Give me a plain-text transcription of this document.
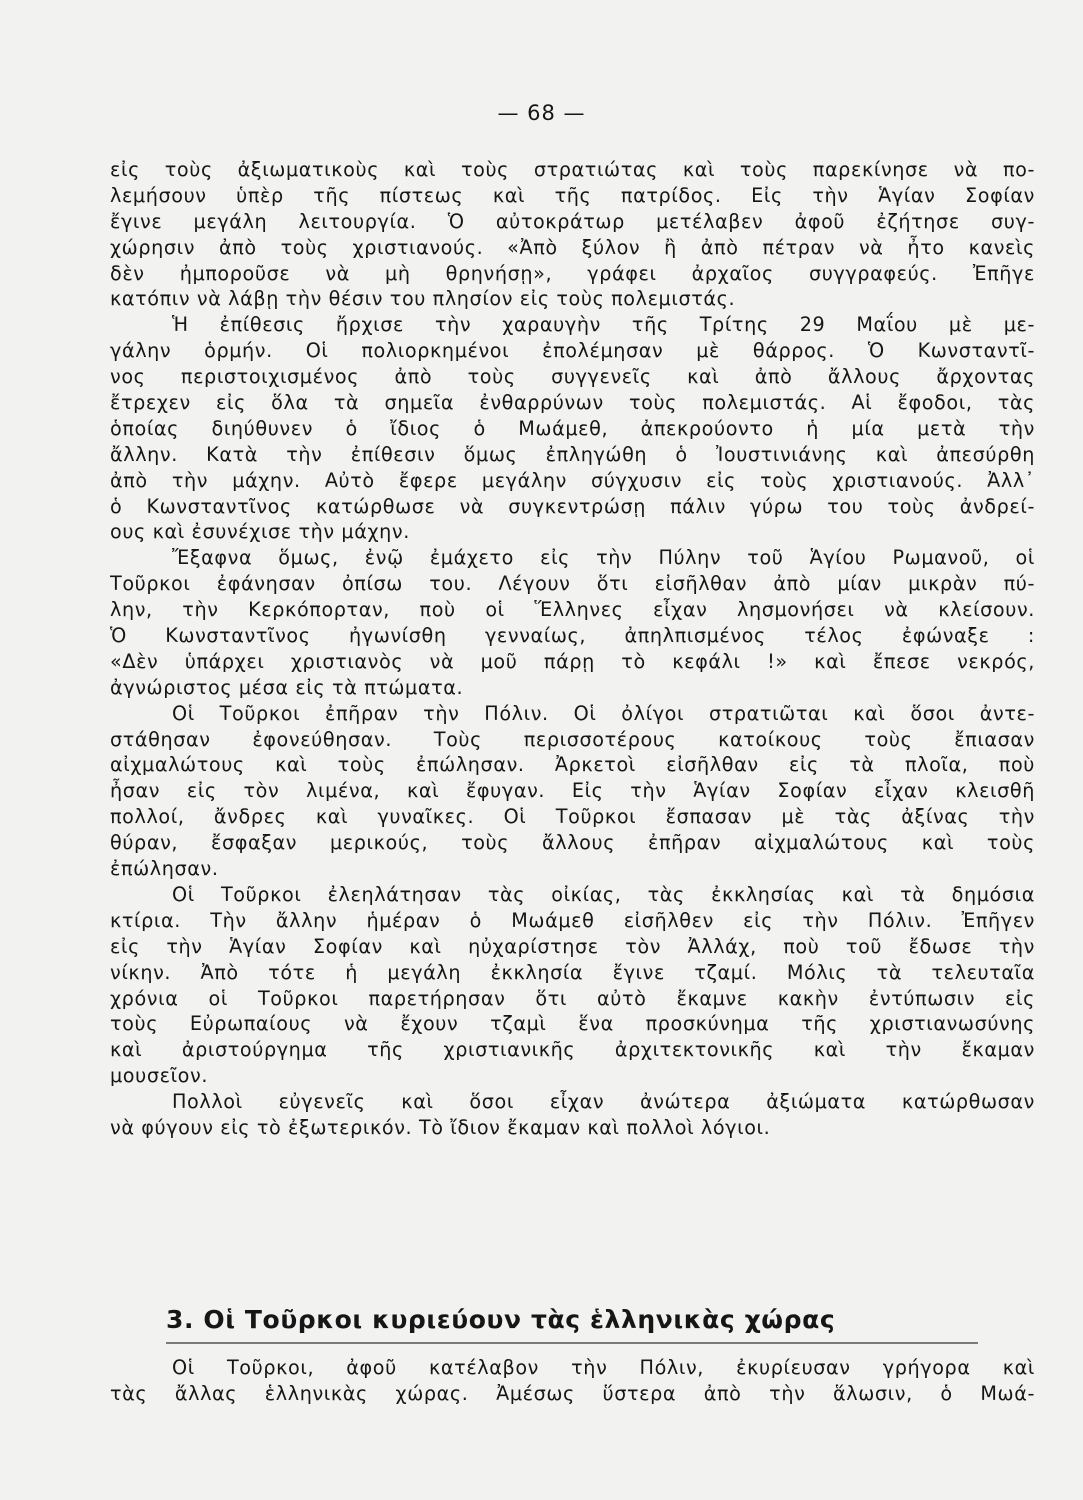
— 68 —
εἰς τοὺς ἀξιωματικοὺς καὶ τοὺς στρατιώτας καὶ τοὺς παρεκίνησε νὰ πο-
λεμήσουν ὑπὲρ τῆς πίστεως καὶ τῆς πατρίδος. Εἰς τὴν Ἁγίαν Σοφίαν
ἔγινε μεγάλη λειτουργία. Ὁ αὐτοκράτωρ μετέλαβεν ἀφοῦ ἐζήτησε συγ-
χώρησιν ἀπὸ τοὺς χριστιανούς. «Ἀπὸ ξύλον ἢ ἀπὸ πέτραν νὰ ἦτο κανεὶς
δὲν ἠμποροῦσε νὰ μὴ θρηνήσῃ», γράφει ἀρχαῖος συγγραφεύς. Ἐπῆγε
κατόπιν νὰ λάβῃ τὴν θέσιν του πλησίον εἰς τοὺς πολεμιστάς.
Ἡ ἐπίθεσις ἤρχισε τὴν χαραυγὴν τῆς Τρίτης 29 Μαΐου μὲ με-
γάλην ὁρμήν. Οἱ πολιορκημένοι ἐπολέμησαν μὲ θάρρος. Ὁ Κωνσταντῖ-
νος περιστοιχισμένος ἀπὸ τοὺς συγγενεῖς καὶ ἀπὸ ἄλλους ἄρχοντας
ἔτρεχεν εἰς ὅλα τὰ σημεῖα ἐνθαρρύνων τοὺς πολεμιστάς. Αἱ ἔφοδοι, τὰς
ὁποίας διηύθυνεν ὁ ἴδιος ὁ Μωάμεθ, ἀπεκρούοντο ἡ μία μετὰ τὴν
ἄλλην. Κατὰ τὴν ἐπίθεσιν ὅμως ἐπληγώθη ὁ Ἰουστινιάνης καὶ ἀπεσύρθη
ἀπὸ τὴν μάχην. Αὐτὸ ἔφερε μεγάλην σύγχυσιν εἰς τοὺς χριστιανούς. Ἀλλ᾿
ὁ Κωνσταντῖνος κατώρθωσε νὰ συγκεντρώσῃ πάλιν γύρω του τοὺς ἀνδρεί-
ους καὶ ἐσυνέχισε τὴν μάχην.
Ἔξαφνα ὅμως, ἐνῷ ἐμάχετο εἰς τὴν Πύλην τοῦ Ἁγίου Ρωμανοῦ, οἱ
Τοῦρκοι ἐφάνησαν ὀπίσω του. Λέγουν ὅτι εἰσῆλθαν ἀπὸ μίαν μικρὰν πύ-
λην, τὴν Κερκόπορταν, ποὺ οἱ Ἕλληνες εἶχαν λησμονήσει νὰ κλείσουν.
Ὁ Κωνσταντῖνος ἠγωνίσθη γενναίως, ἀπηλπισμένος τέλος ἐφώναξε :
«Δὲν ὑπάρχει χριστιανὸς νὰ μοῦ πάρῃ τὸ κεφάλι !» καὶ ἔπεσε νεκρός,
ἀγνώριστος μέσα εἰς τὰ πτώματα.
Οἱ Τοῦρκοι ἐπῆραν τὴν Πόλιν. Οἱ ὀλίγοι στρατιῶται καὶ ὅσοι ἀντε-
στάθησαν ἐφονεύθησαν. Τοὺς περισσοτέρους κατοίκους τοὺς ἔπιασαν
αἰχμαλώτους καὶ τοὺς ἐπώλησαν. Ἀρκετοὶ εἰσῆλθαν εἰς τὰ πλοῖα, ποὺ
ἦσαν εἰς τὸν λιμένα, καὶ ἔφυγαν. Εἰς τὴν Ἁγίαν Σοφίαν εἶχαν κλεισθῆ
πολλοί, ἄνδρες καὶ γυναῖκες. Οἱ Τοῦρκοι ἔσπασαν μὲ τὰς ἀξίνας τὴν
θύραν, ἔσφαξαν μερικούς, τοὺς ἄλλους ἐπῆραν αἰχμαλώτους καὶ τοὺς
ἐπώλησαν.
Οἱ Τοῦρκοι ἐλεηλάτησαν τὰς οἰκίας, τὰς ἐκκλησίας καὶ τὰ δημόσια
κτίρια. Τὴν ἄλλην ἡμέραν ὁ Μωάμεθ εἰσῆλθεν εἰς τὴν Πόλιν. Ἐπῆγεν
εἰς τὴν Ἁγίαν Σοφίαν καὶ ηὐχαρίστησε τὸν Ἀλλάχ, ποὺ τοῦ ἔδωσε τὴν
νίκην. Ἀπὸ τότε ἡ μεγάλη ἐκκλησία ἔγινε τζαμί. Μόλις τὰ τελευταῖα
χρόνια οἱ Τοῦρκοι παρετήρησαν ὅτι αὐτὸ ἔκαμνε κακὴν ἐντύπωσιν εἰς
τοὺς Εὐρωπαίους νὰ ἔχουν τζαμὶ ἕνα προσκύνημα τῆς χριστιανωσύνης
καὶ ἀριστούργημα τῆς χριστιανικῆς ἀρχιτεκτονικῆς καὶ τὴν ἔκαμαν
μουσεῖον.
Πολλοὶ εὐγενεῖς καὶ ὅσοι εἶχαν ἀνώτερα ἀξιώματα κατώρθωσαν
νὰ φύγουν εἰς τὸ ἐξωτερικόν. Τὸ ἴδιον ἔκαμαν καὶ πολλοὶ λόγιοι.
3. Οἱ Τοῦρκοι κυριεύουν τὰς ἑλληνικὰς χώρας
Οἱ Τοῦρκοι, ἀφοῦ κατέλαβον τὴν Πόλιν, ἐκυρίευσαν γρήγορα καὶ
τὰς ἄλλας ἑλληνικὰς χώρας. Ἀμέσως ὕστερα ἀπὸ τὴν ἅλωσιν, ὁ Μωά-
